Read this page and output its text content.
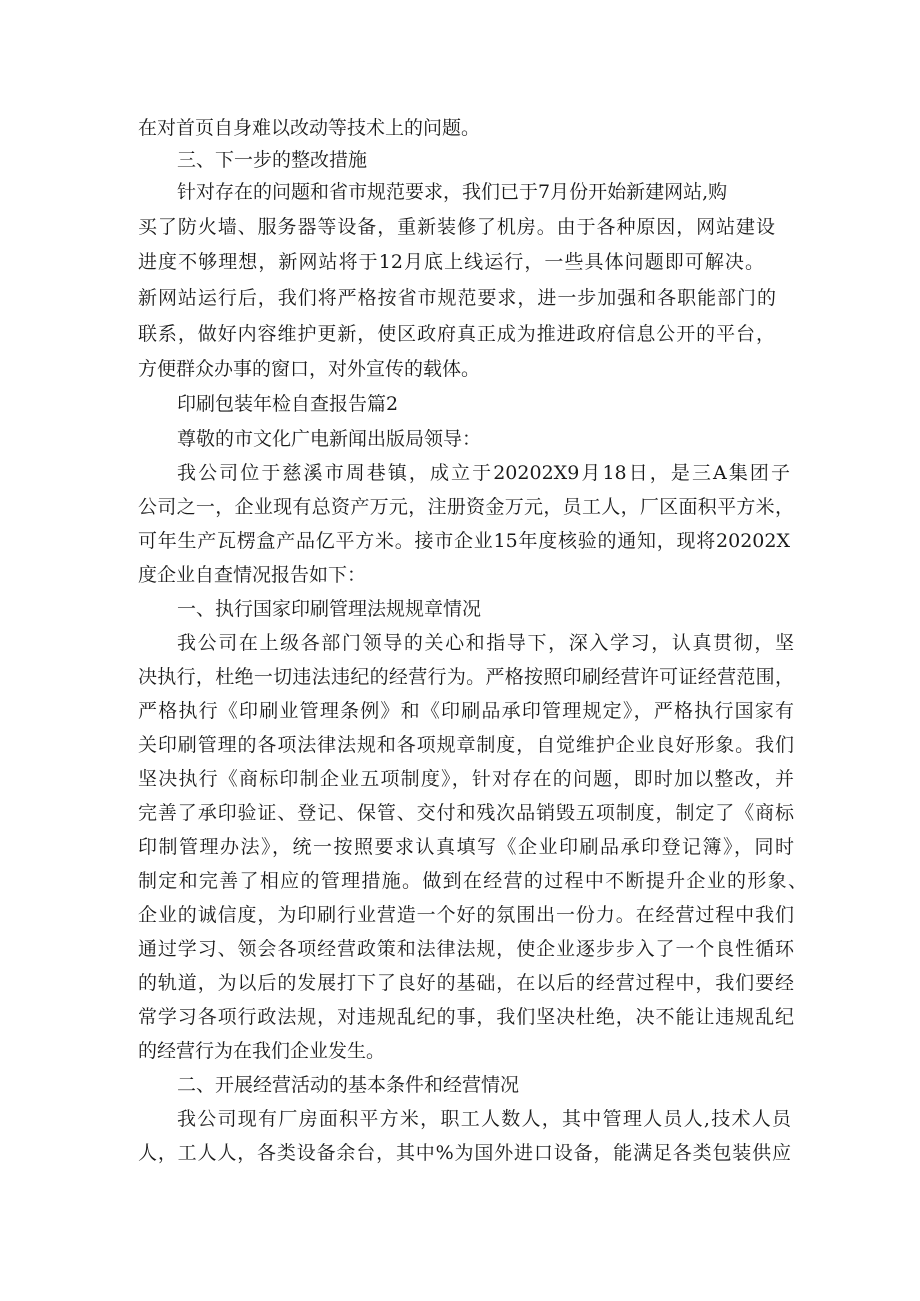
在对首页自身难以改动等技术上的问题。

三、下一步的整改措施

针对存在的问题和省市规范要求，我们已于7月份开始新建网站,购

买了防火墙、服务器等设备，重新装修了机房。由于各种原因，网站建设

进度不够理想，新网站将于12月底上线运行，一些具体问题即可解决。

新网站运行后，我们将严格按省市规范要求，进一步加强和各职能部门的

联系，做好内容维护更新，使区政府真正成为推进政府信息公开的平台，

方便群众办事的窗口，对外宣传的载体。

印刷包装年检自查报告篇2

尊敬的市文化广电新闻出版局领导：

我公司位于慈溪市周巷镇，成立于20202X9月18日，是三A集团子

公司之一，企业现有总资产万元，注册资金万元，员工人，厂区面积平方米，

可年生产瓦楞盒产品亿平方米。接市企业15年度核验的通知，现将20202X

度企业自查情况报告如下：

一、执行国家印刷管理法规规章情况

我公司在上级各部门领导的关心和指导下，深入学习，认真贯彻，坚

决执行，杜绝一切违法违纪的经营行为。严格按照印刷经营许可证经营范围，

严格执行《印刷业管理条例》和《印刷品承印管理规定》，严格执行国家有

关印刷管理的各项法律法规和各项规章制度，自觉维护企业良好形象。我们

坚决执行《商标印制企业五项制度》，针对存在的问题，即时加以整改，并

完善了承印验证、登记、保管、交付和残次品销毁五项制度，制定了《商标

印制管理办法》，统一按照要求认真填写《企业印刷品承印登记簿》，同时

制定和完善了相应的管理措施。做到在经营的过程中不断提升企业的形象、

企业的诚信度，为印刷行业营造一个好的氛围出一份力。在经营过程中我们

通过学习、领会各项经营政策和法律法规，使企业逐步步入了一个良性循环

的轨道，为以后的发展打下了良好的基础，在以后的经营过程中，我们要经

常学习各项行政法规，对违规乱纪的事，我们坚决杜绝，决不能让违规乱纪

的经营行为在我们企业发生。

二、开展经营活动的基本条件和经营情况

我公司现有厂房面积平方米，职工人数人，其中管理人员人,技术人员

人，工人人，各类设备余台，其中%为国外进口设备，能满足各类包装供应
